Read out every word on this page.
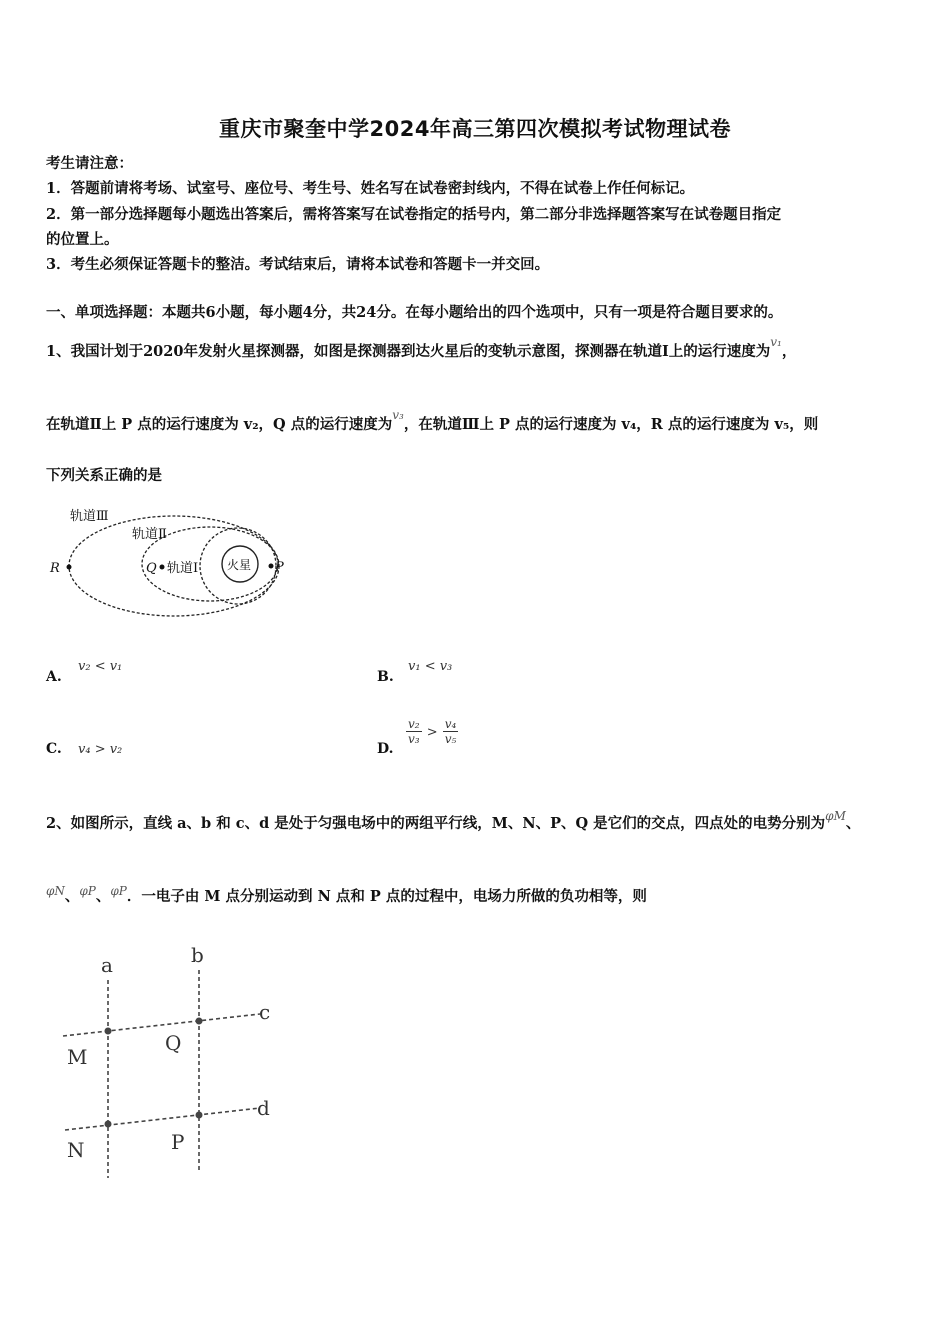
重庆市聚奎中学2024年高三第四次模拟考试物理试卷
考生请注意：
1．答题前请将考场、试室号、座位号、考生号、姓名写在试卷密封线内，不得在试卷上作任何标记。
2．第一部分选择题每小题选出答案后，需将答案写在试卷指定的括号内，第二部分非选择题答案写在试卷题目指定
的位置上。
3．考生必须保证答题卡的整洁。考试结束后，请将本试卷和答题卡一并交回。
一、单项选择题：本题共6小题，每小题4分，共24分。在每小题给出的四个选项中，只有一项是符合题目要求的。
1、我国计划于2020年发射火星探测器，如图是探测器到达火星后的变轨示意图，探测器在轨道Ⅰ上的运行速度为$^{v_1}$，
在轨道Ⅱ上 P 点的运行速度为 v₂，Q 点的运行速度为$^{v_3}$，在轨道Ⅲ上 P 点的运行速度为 v₄，R 点的运行速度为 v₅，则
下列关系正确的是
轨道Ⅲ
轨道Ⅱ
轨道Ⅰ 火星
R	Q	P
A.
v₂ < v₁
B.
v₁ < v₃
C. v₄ > v₂	D.
$\frac{\text{v₂}}{\text{v₃}} > \frac{\text{v₄}}{\text{v₅}}$
2、如图所示，直线 a、b 和 c、d 是处于匀强电场中的两组平行线，M、N、P、Q 是它们的交点，四点处的电势分别为$^{\varphi M}$、
$^{\varphi N}$、$^{\varphi P}$、$^{\varphi P}$．一电子由 M 点分别运动到 N 点和 P 点的过程中，电场力所做的负功相等，则
a	b
c
d
M
Q
N	P
